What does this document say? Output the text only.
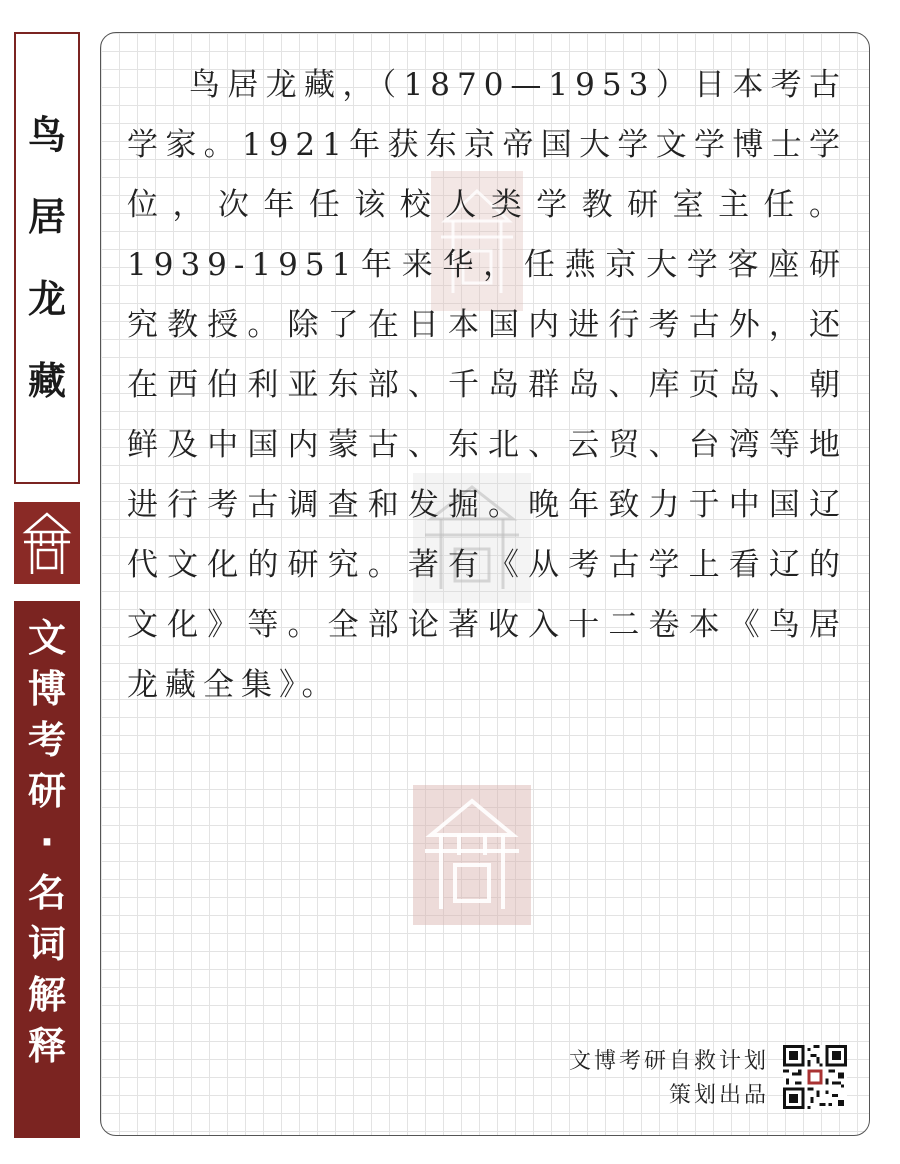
鸟
居
龙
藏
文
博
考
研
·
名
词
解
释

鸟居龙藏，（1870—1953）日本考古学家。1921年获东京帝国大学文学博士学位，次年任该校人类学教研室主任。1939-1951年来华，任燕京大学客座研究教授。除了在日本国内进行考古外，还在西伯利亚东部、千岛群岛、库页岛、朝鲜及中国内蒙古、东北、云贸、台湾等地进行考古调查和发掘。晚年致力于中国辽代文化的研究。著有《从考古学上看辽的文化》等。全部论著收入十二卷本《鸟居龙藏全集》。

文博考研自救计划
策划出品
